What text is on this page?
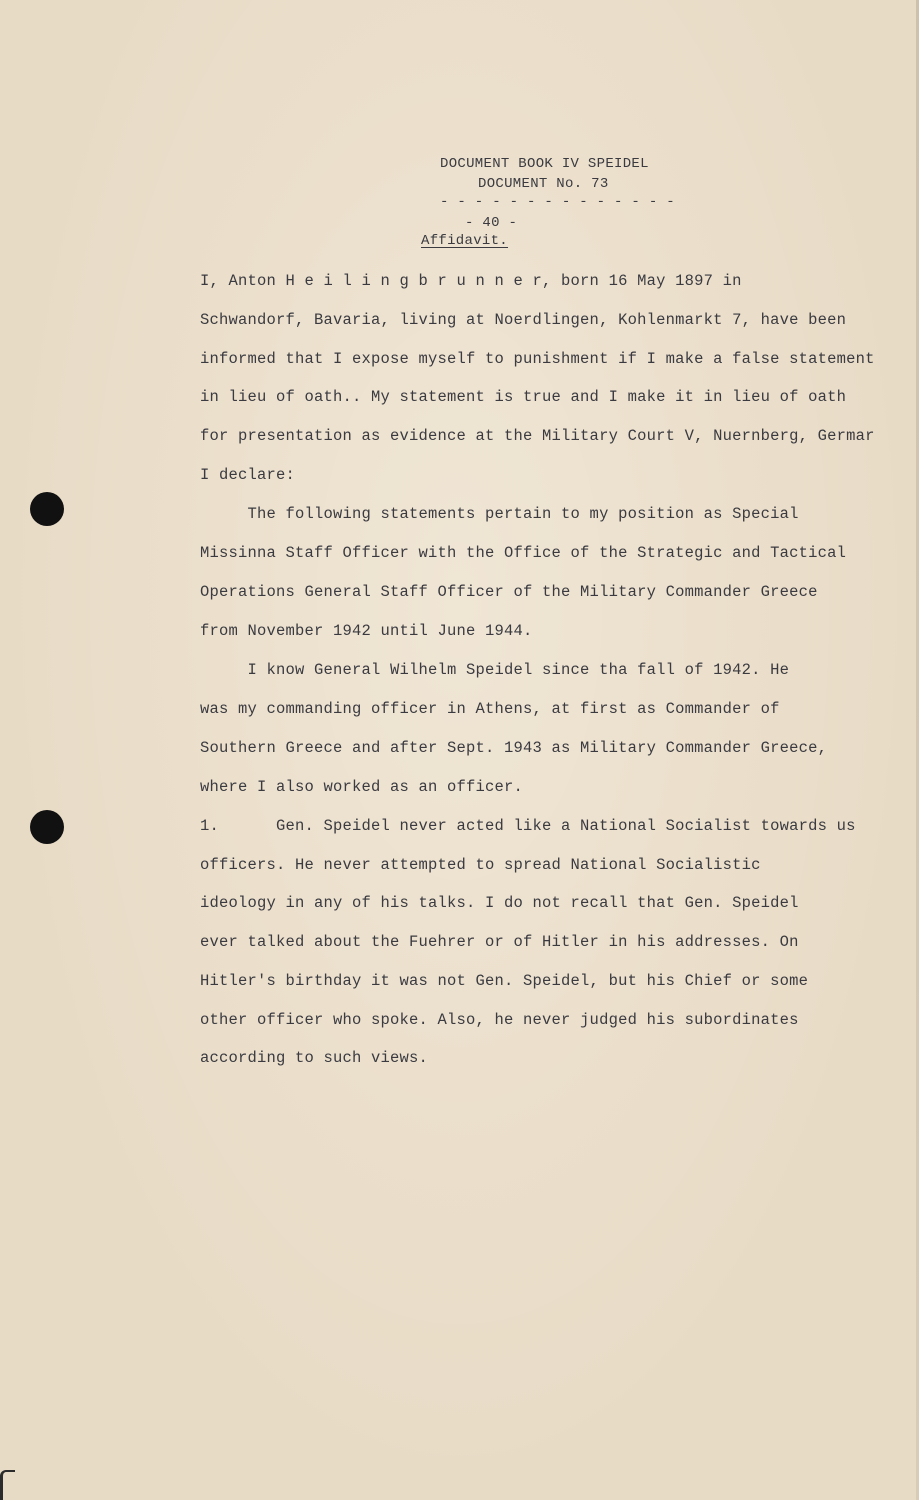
DOCUMENT BOOK IV SPEIDEL
DOCUMENT No. 73
- - - - - - - - - - - - - -
- 40 -
Affidavit.
I, Anton H e i l i n g b r u n n e r, born 16 May 1897 in
Schwandorf, Bavaria, living at Noerdlingen, Kohlenmarkt 7, have been
informed that I expose myself to punishment if I make a false statement
in lieu of oath.. My statement is true and I make it in lieu of oath
for presentation as evidence at the Military Court V, Nuernberg, Germar
I declare:
The following statements pertain to my position as Special
Missinna Staff Officer with the Office of the Strategic and Tactical
Operations General Staff Officer of the Military Commander Greece
from November 1942 until June 1944.
I know General Wilhelm Speidel since tha fall of 1942. He
was my commanding officer in Athens, at first as Commander of
Southern Greece and after Sept. 1943 as Military Commander Greece,
where I also worked as an officer.
1.      Gen. Speidel never acted like a National Socialist towards us
officers. He never attempted to spread National Socialistic
ideology in any of his talks. I do not recall that Gen. Speidel
ever talked about the Fuehrer or of Hitler in his addresses. On
Hitler's birthday it was not Gen. Speidel, but his Chief or some
other officer who spoke. Also, he never judged his subordinates
according to such views.
